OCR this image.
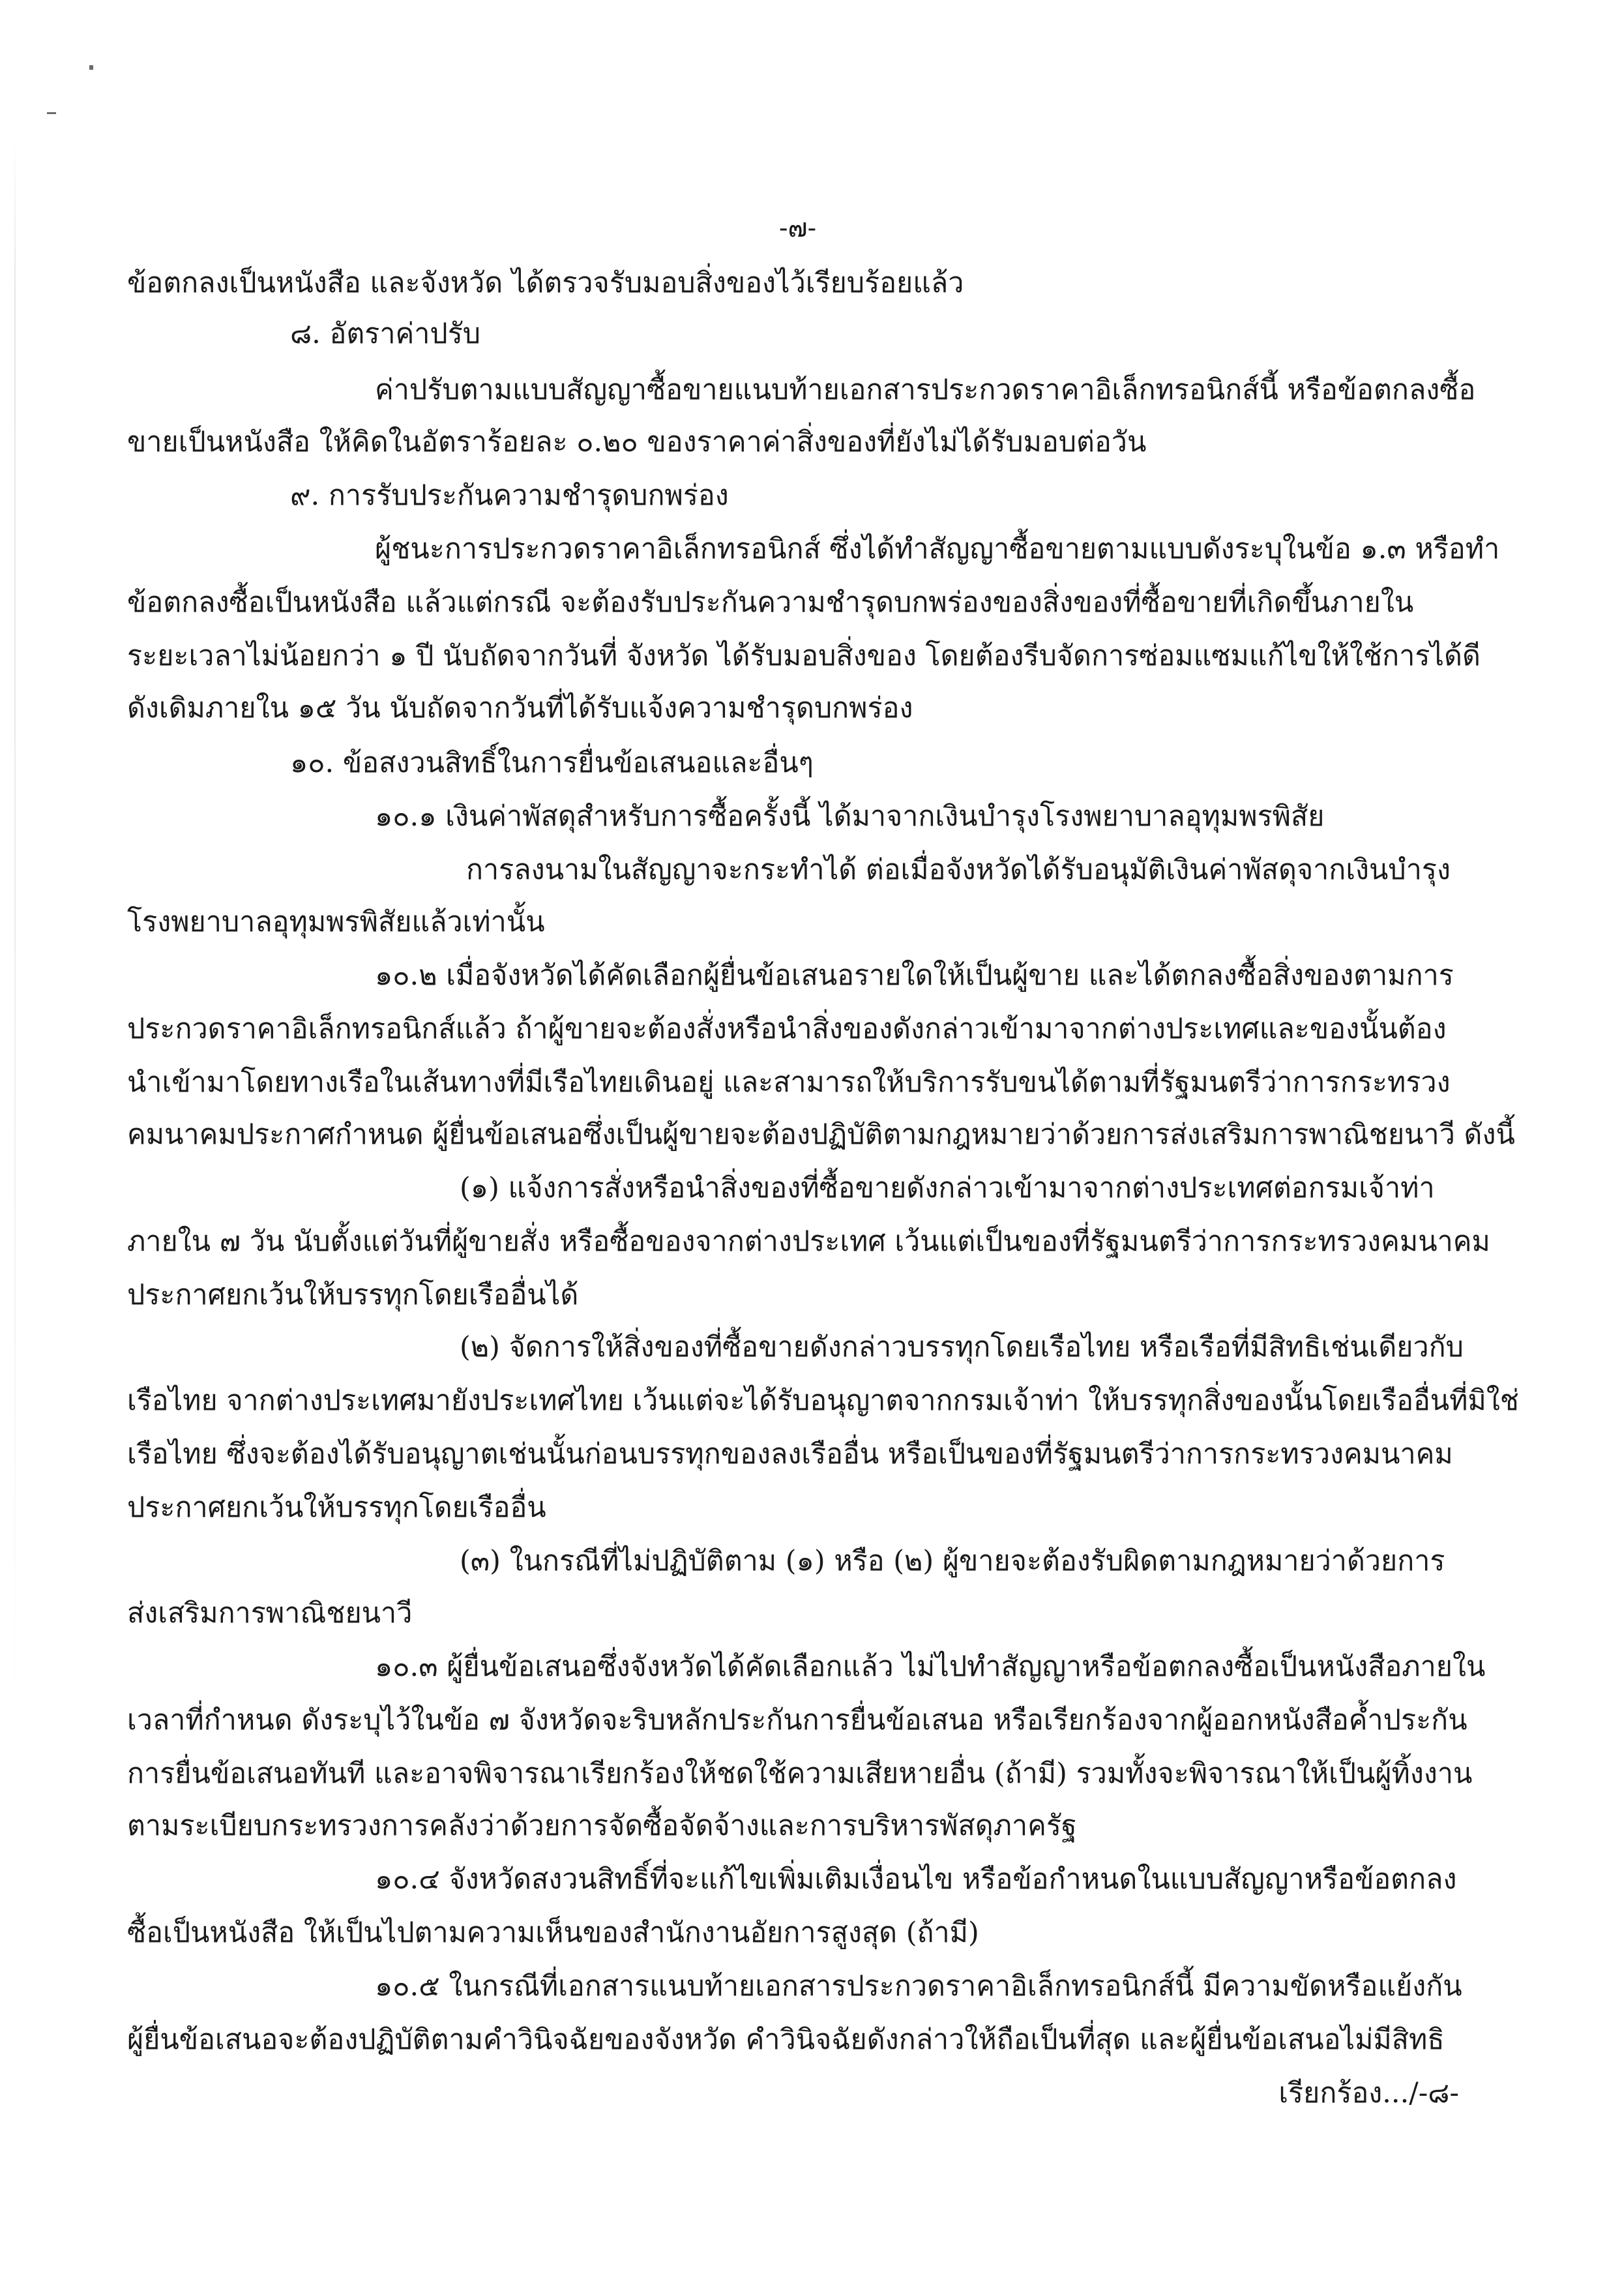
-๗-
ข้อตกลงเป็นหนังสือ และจังหวัด ได้ตรวจรับมอบสิ่งของไว้เรียบร้อยแล้ว
๘. อัตราค่าปรับ
ค่าปรับตามแบบสัญญาซื้อขายแนบท้ายเอกสารประกวดราคาอิเล็กทรอนิกส์นี้ หรือข้อตกลงซื้อ
ขายเป็นหนังสือ ให้คิดในอัตราร้อยละ ๐.๒๐ ของราคาค่าสิ่งของที่ยังไม่ได้รับมอบต่อวัน
๙. การรับประกันความชำรุดบกพร่อง
ผู้ชนะการประกวดราคาอิเล็กทรอนิกส์ ซึ่งได้ทำสัญญาซื้อขายตามแบบดังระบุในข้อ ๑.๓ หรือทำ
ข้อตกลงซื้อเป็นหนังสือ แล้วแต่กรณี จะต้องรับประกันความชำรุดบกพร่องของสิ่งของที่ซื้อขายที่เกิดขึ้นภายใน
ระยะเวลาไม่น้อยกว่า ๑ ปี นับถัดจากวันที่ จังหวัด ได้รับมอบสิ่งของ โดยต้องรีบจัดการซ่อมแซมแก้ไขให้ใช้การได้ดี
ดังเดิมภายใน ๑๕ วัน นับถัดจากวันที่ได้รับแจ้งความชำรุดบกพร่อง
๑๐. ข้อสงวนสิทธิ์ในการยื่นข้อเสนอและอื่นๆ
๑๐.๑ เงินค่าพัสดุสำหรับการซื้อครั้งนี้ ได้มาจากเงินบำรุงโรงพยาบาลอุทุมพรพิสัย
การลงนามในสัญญาจะกระทำได้ ต่อเมื่อจังหวัดได้รับอนุมัติเงินค่าพัสดุจากเงินบำรุง
โรงพยาบาลอุทุมพรพิสัยแล้วเท่านั้น
๑๐.๒ เมื่อจังหวัดได้คัดเลือกผู้ยื่นข้อเสนอรายใดให้เป็นผู้ขาย และได้ตกลงซื้อสิ่งของตามการ
ประกวดราคาอิเล็กทรอนิกส์แล้ว ถ้าผู้ขายจะต้องสั่งหรือนำสิ่งของดังกล่าวเข้ามาจากต่างประเทศและของนั้นต้อง
นำเข้ามาโดยทางเรือในเส้นทางที่มีเรือไทยเดินอยู่ และสามารถให้บริการรับขนได้ตามที่รัฐมนตรีว่าการกระทรวง
คมนาคมประกาศกำหนด ผู้ยื่นข้อเสนอซึ่งเป็นผู้ขายจะต้องปฏิบัติตามกฎหมายว่าด้วยการส่งเสริมการพาณิชยนาวี ดังนี้
(๑) แจ้งการสั่งหรือนำสิ่งของที่ซื้อขายดังกล่าวเข้ามาจากต่างประเทศต่อกรมเจ้าท่า
ภายใน ๗ วัน นับตั้งแต่วันที่ผู้ขายสั่ง หรือซื้อของจากต่างประเทศ เว้นแต่เป็นของที่รัฐมนตรีว่าการกระทรวงคมนาคม
ประกาศยกเว้นให้บรรทุกโดยเรืออื่นได้
(๒) จัดการให้สิ่งของที่ซื้อขายดังกล่าวบรรทุกโดยเรือไทย หรือเรือที่มีสิทธิเช่นเดียวกับ
เรือไทย จากต่างประเทศมายังประเทศไทย เว้นแต่จะได้รับอนุญาตจากกรมเจ้าท่า ให้บรรทุกสิ่งของนั้นโดยเรืออื่นที่มิใช่
เรือไทย ซึ่งจะต้องได้รับอนุญาตเช่นนั้นก่อนบรรทุกของลงเรืออื่น หรือเป็นของที่รัฐมนตรีว่าการกระทรวงคมนาคม
ประกาศยกเว้นให้บรรทุกโดยเรืออื่น
(๓) ในกรณีที่ไม่ปฏิบัติตาม (๑) หรือ (๒) ผู้ขายจะต้องรับผิดตามกฎหมายว่าด้วยการ
ส่งเสริมการพาณิชยนาวี
๑๐.๓ ผู้ยื่นข้อเสนอซึ่งจังหวัดได้คัดเลือกแล้ว ไม่ไปทำสัญญาหรือข้อตกลงซื้อเป็นหนังสือภายใน
เวลาที่กำหนด ดังระบุไว้ในข้อ ๗ จังหวัดจะริบหลักประกันการยื่นข้อเสนอ หรือเรียกร้องจากผู้ออกหนังสือค้ำประกัน
การยื่นข้อเสนอทันที และอาจพิจารณาเรียกร้องให้ชดใช้ความเสียหายอื่น (ถ้ามี) รวมทั้งจะพิจารณาให้เป็นผู้ทิ้งงาน
ตามระเบียบกระทรวงการคลังว่าด้วยการจัดซื้อจัดจ้างและการบริหารพัสดุภาครัฐ
๑๐.๔ จังหวัดสงวนสิทธิ์ที่จะแก้ไขเพิ่มเติมเงื่อนไข หรือข้อกำหนดในแบบสัญญาหรือข้อตกลง
ซื้อเป็นหนังสือ ให้เป็นไปตามความเห็นของสำนักงานอัยการสูงสุด (ถ้ามี)
๑๐.๕ ในกรณีที่เอกสารแนบท้ายเอกสารประกวดราคาอิเล็กทรอนิกส์นี้ มีความขัดหรือแย้งกัน
ผู้ยื่นข้อเสนอจะต้องปฏิบัติตามคำวินิจฉัยของจังหวัด คำวินิจฉัยดังกล่าวให้ถือเป็นที่สุด และผู้ยื่นข้อเสนอไม่มีสิทธิ
เรียกร้อง.../-๘-
